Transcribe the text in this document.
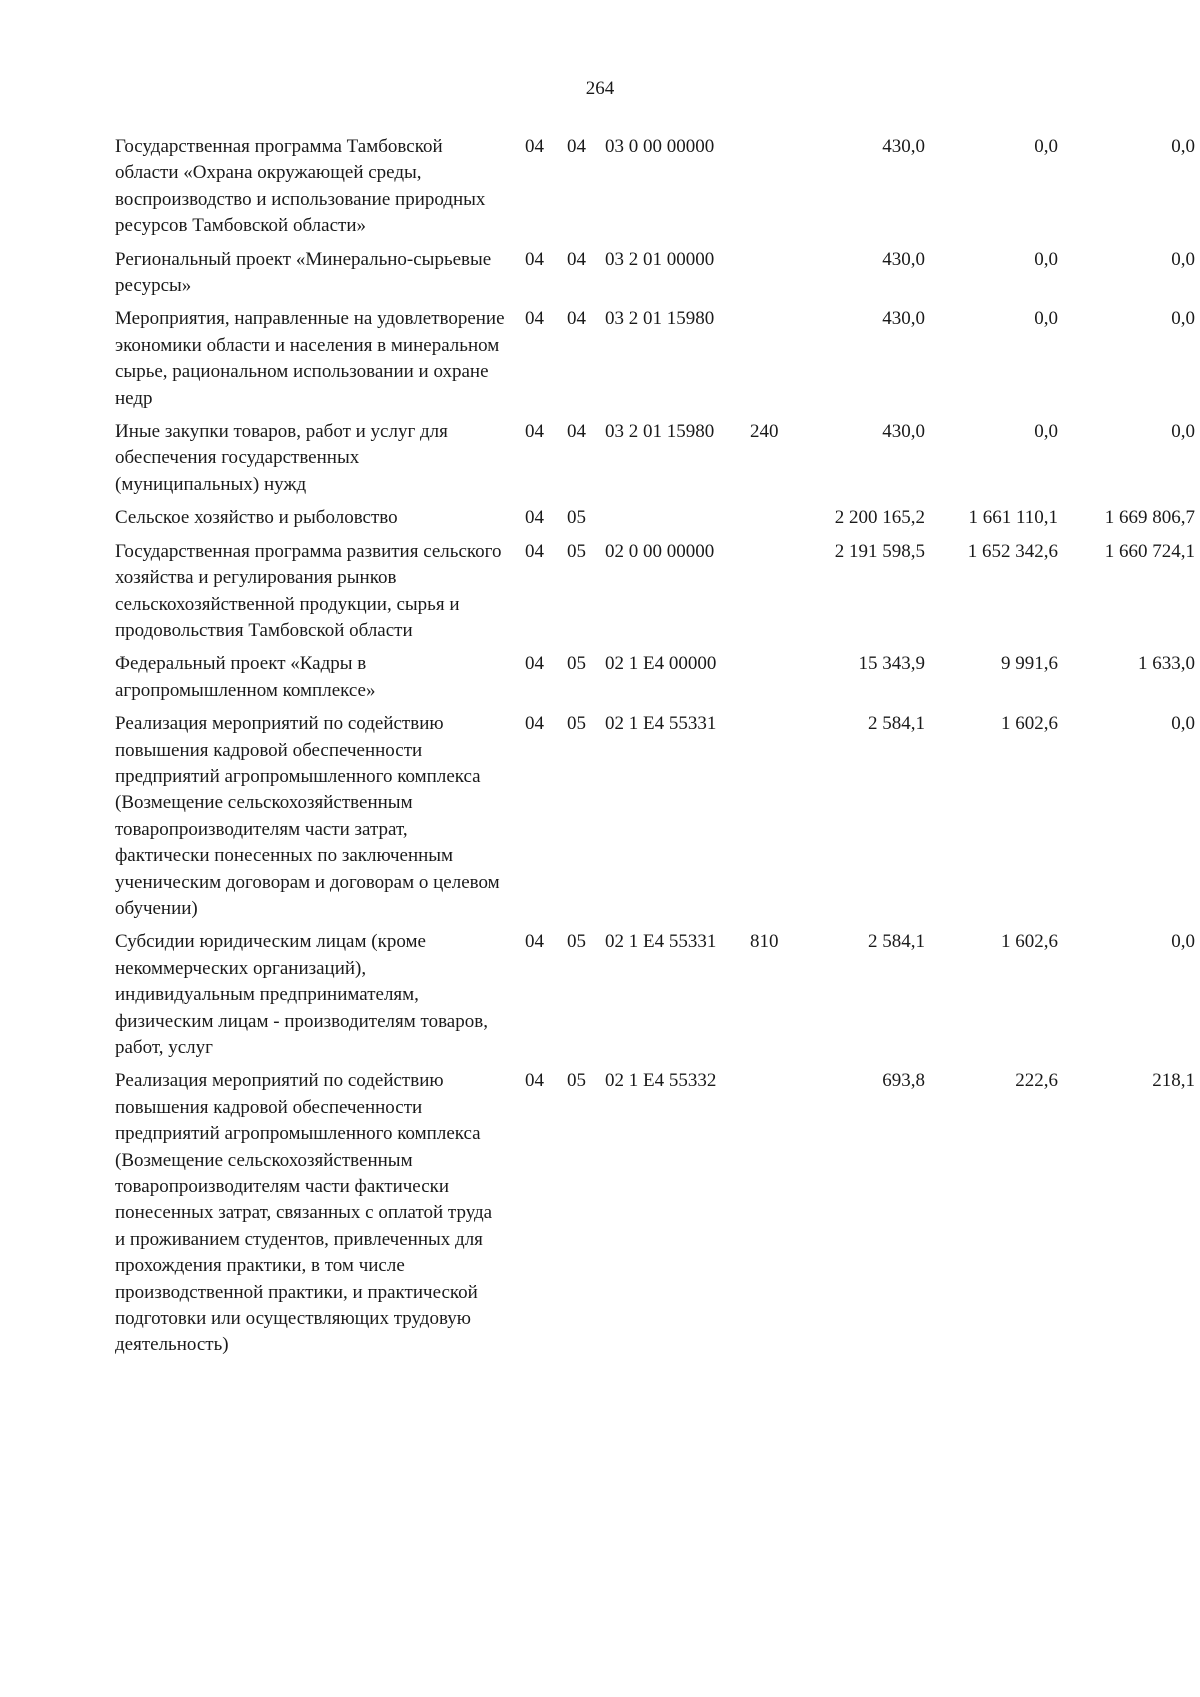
264
Государственная программа Тамбовской области «Охрана окружающей среды, воспроизводство и использование природных ресурсов Тамбовской области»	04	04	03 0 00 00000		430,0	0,0	0,0
Региональный проект «Минерально-сырьевые ресурсы»	04	04	03 2 01 00000		430,0	0,0	0,0
Мероприятия, направленные на удовлетворение экономики области и населения в минеральном сырье, рациональном использовании и охране недр	04	04	03 2 01 15980		430,0	0,0	0,0
Иные закупки товаров, работ и услуг для обеспечения государственных (муниципальных) нужд	04	04	03 2 01 15980	240	430,0	0,0	0,0
Сельское хозяйство и рыболовство	04	05			2 200 165,2	1 661 110,1	1 669 806,7
Государственная программа развития сельского хозяйства и регулирования рынков сельскохозяйственной продукции, сырья и продовольствия Тамбовской области	04	05	02 0 00 00000		2 191 598,5	1 652 342,6	1 660 724,1
Федеральный проект «Кадры в агропромышленном комплексе»	04	05	02 1 E4 00000		15 343,9	9 991,6	1 633,0
Реализация мероприятий по содействию повышения кадровой обеспеченности предприятий агропромышленного комплекса (Возмещение сельскохозяйственным товаропроизводителям части затрат, фактически понесенных по заключенным ученическим договорам и договорам о целевом обучении)	04	05	02 1 E4 55331		2 584,1	1 602,6	0,0
Субсидии юридическим лицам (кроме некоммерческих организаций), индивидуальным предпринимателям, физическим лицам - производителям товаров, работ, услуг	04	05	02 1 E4 55331	810	2 584,1	1 602,6	0,0
Реализация мероприятий по содействию повышения кадровой обеспеченности предприятий агропромышленного комплекса (Возмещение сельскохозяйственным товаропроизводителям части фактически понесенных затрат, связанных с оплатой труда и проживанием студентов, привлеченных для прохождения практики, в том числе производственной практики, и практической подготовки или осуществляющих трудовую деятельность)	04	05	02 1 E4 55332		693,8	222,6	218,1
